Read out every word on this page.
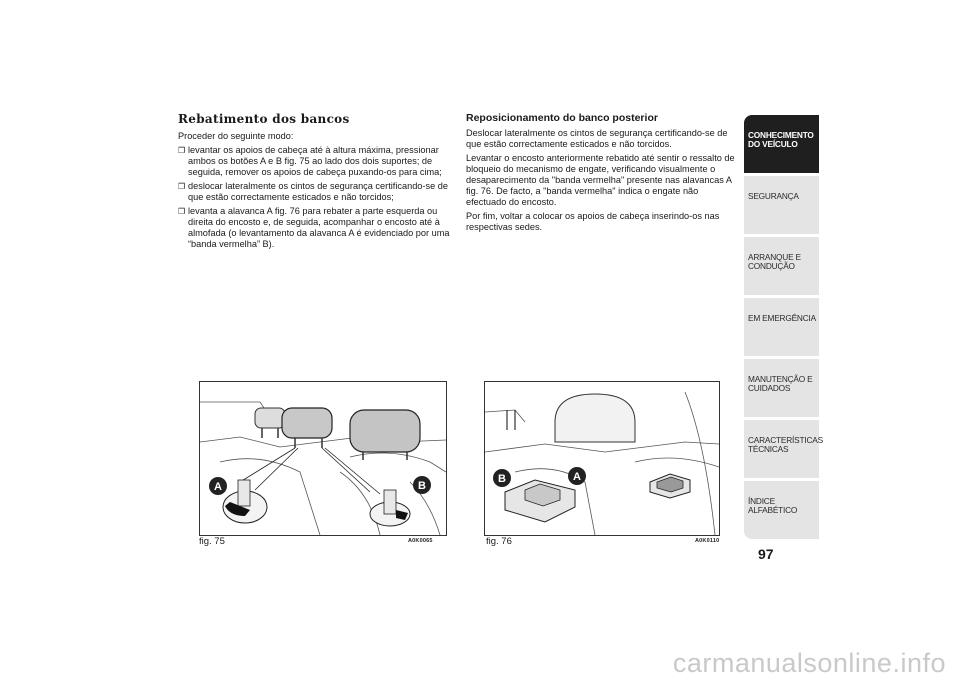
Rebatimento dos bancos
Proceder do seguinte modo:
❒ levantar os apoios de cabeça até à altura máxima, pressionar ambos os botões A e B fig. 75 ao lado dos dois suportes; de seguida, remover os apoios de cabeça puxando-os para cima;
❒ deslocar lateralmente os cintos de segurança certificando-se de que estão correctamente esticados e não torcidos;
❒ levanta a alavanca A fig. 76 para rebater a parte esquerda ou direita do encosto e, de seguida, acompanhar o encosto até à almofada (o levantamento da alavanca A é evidenciado por uma “banda vermelha” B).
Reposicionamento do banco posterior
Deslocar lateralmente os cintos de segurança certificando-se de que estão correctamente esticados e não torcidos.
Levantar o encosto anteriormente rebatido até sentir o ressalto de bloqueio do mecanismo de engate, verificando visualmente o desaparecimento da "banda vermelha" presente nas alavancas A fig. 76. De facto, a "banda vermelha" indica o engate não efectuado do encosto.
Por fim, voltar a colocar os apoios de cabeça inserindo-os nas respectivas sedes.
A	B
fig. 75	A0K0065
B	A
fig. 76	A0K0110
CONHECIMENTO DO VEÍCULO
SEGURANÇA
ARRANQUE E CONDUÇÃO
EM EMERGÊNCIA
MANUTENÇÃO E CUIDADOS
CARACTERÍSTICAS TÉCNICAS
ÍNDICE ALFABÉTICO
97
carmanualsonline.info
